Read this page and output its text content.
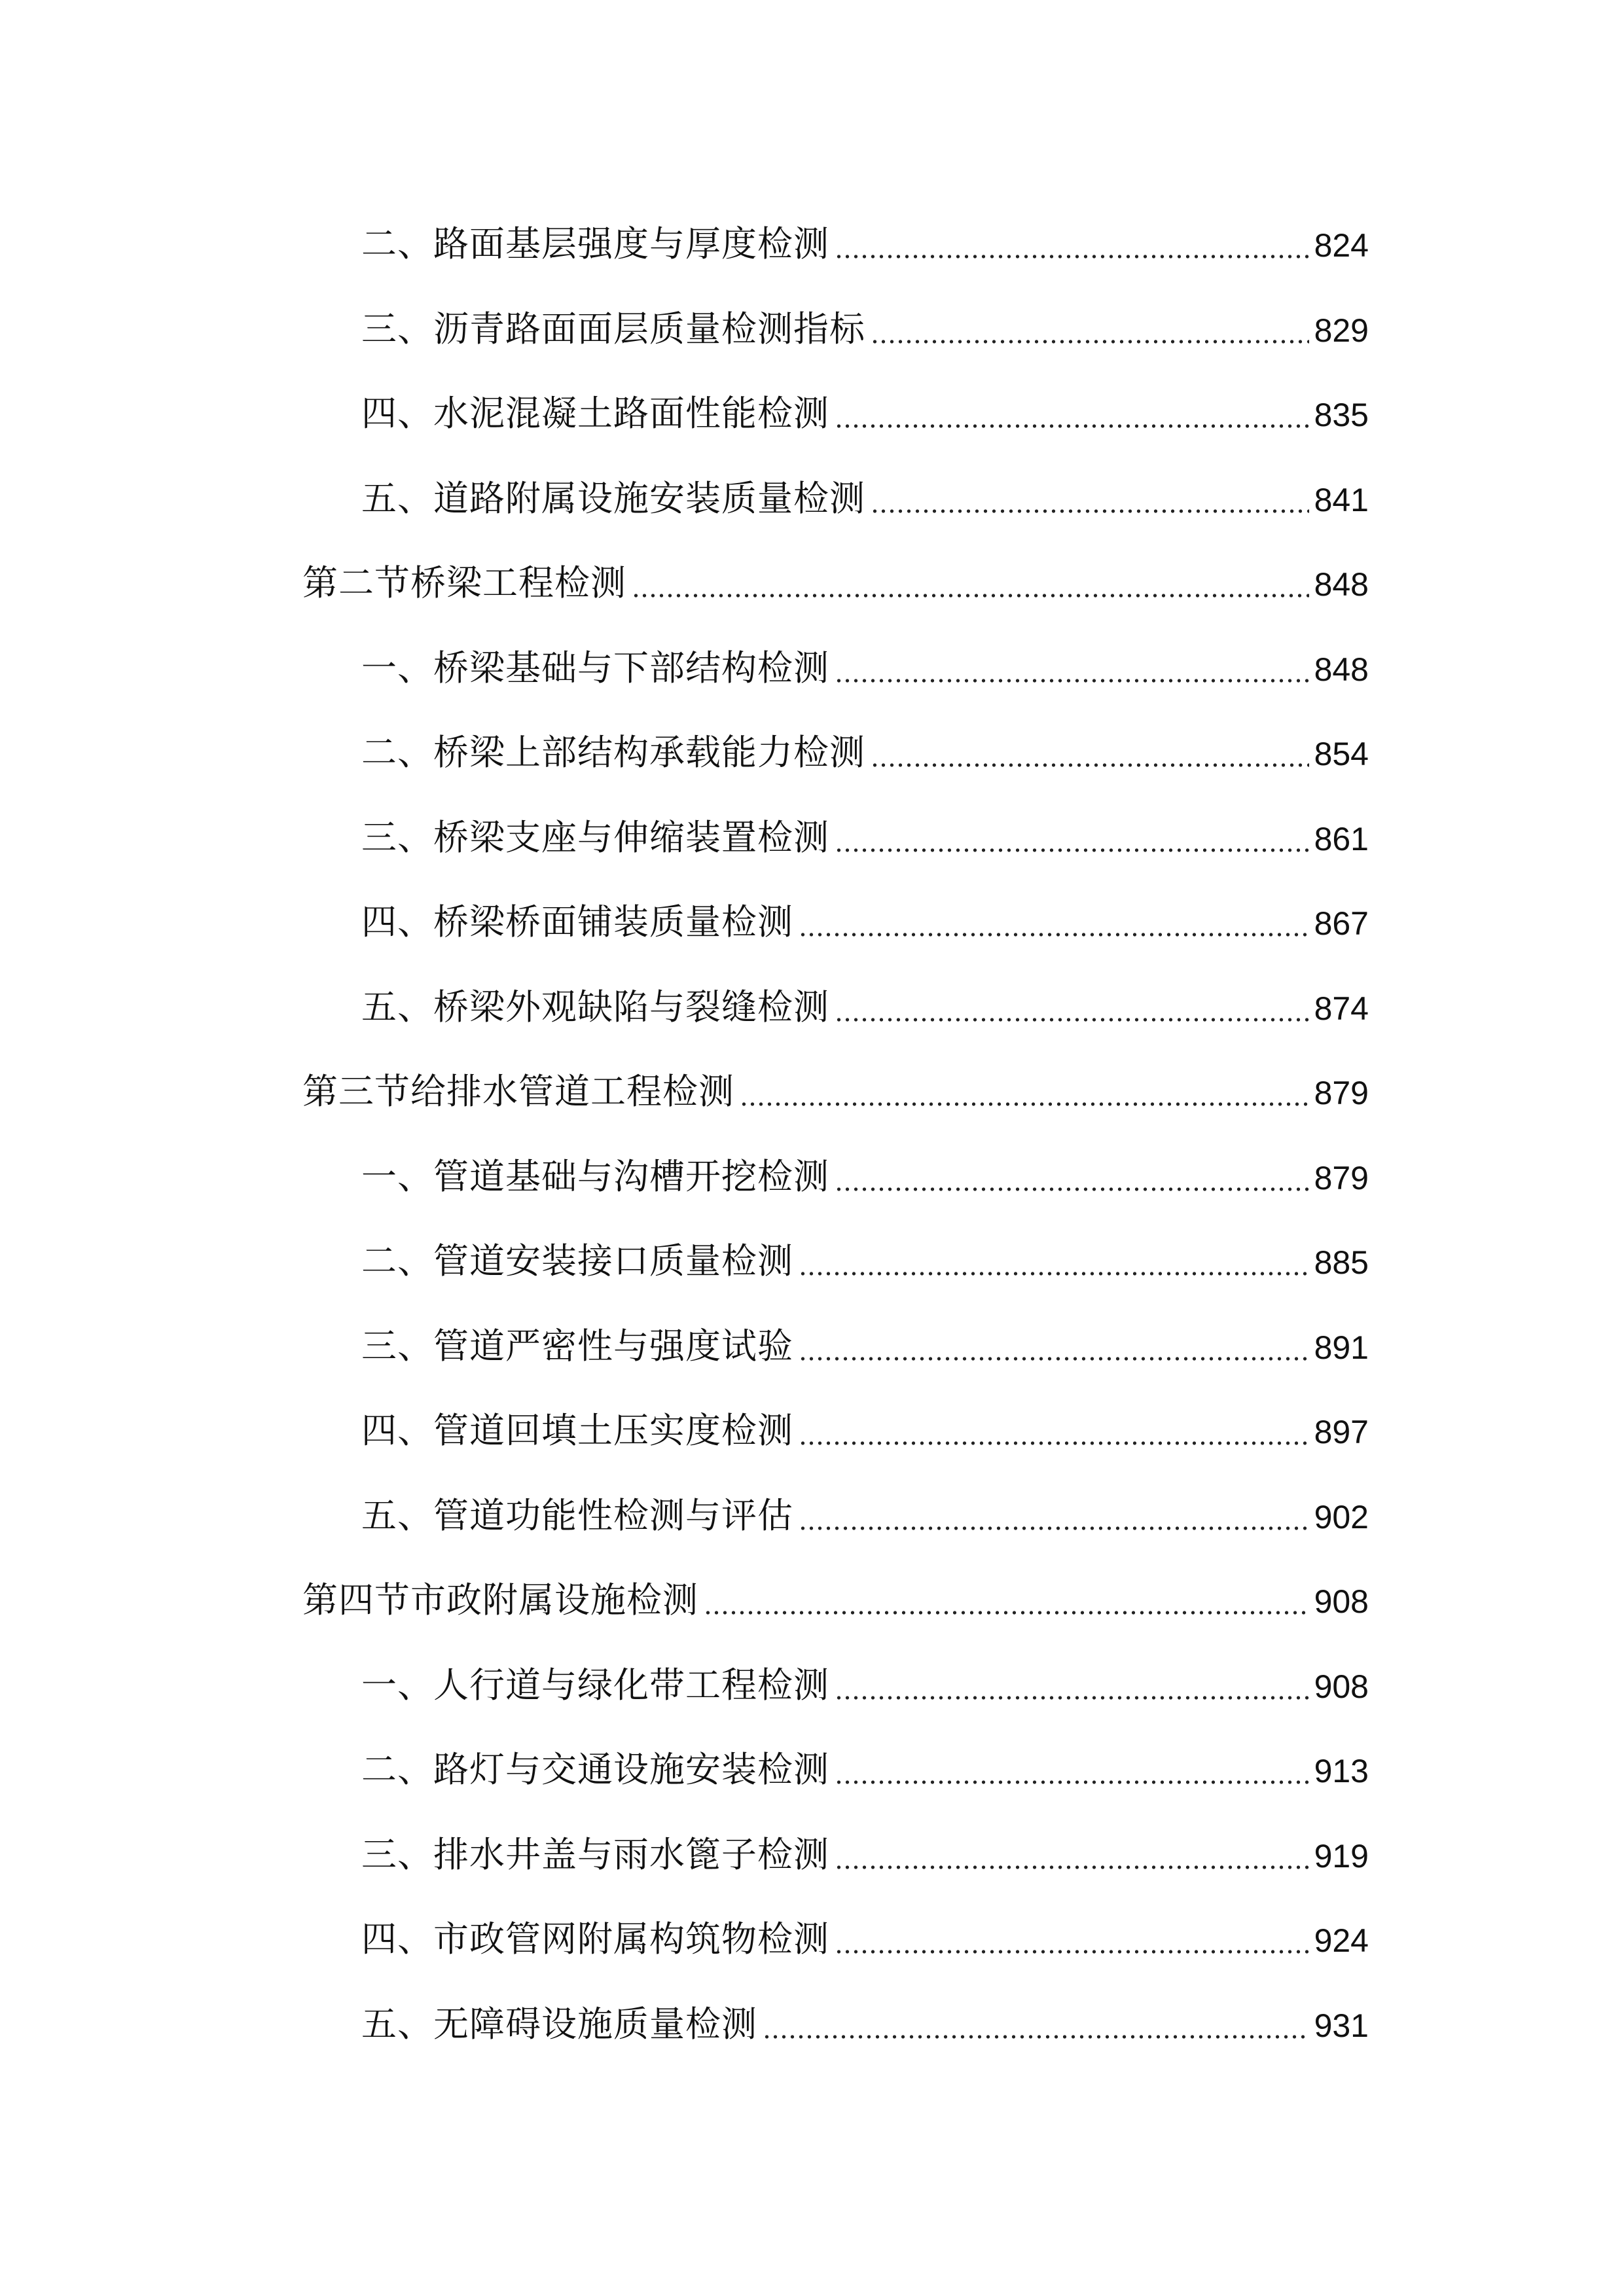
二、路面基层强度与厚度检测	824
三、沥青路面面层质量检测指标	829
四、水泥混凝土路面性能检测	835
五、道路附属设施安装质量检测	841
第二节桥梁工程检测	848
一、桥梁基础与下部结构检测	848
二、桥梁上部结构承载能力检测	854
三、桥梁支座与伸缩装置检测	861
四、桥梁桥面铺装质量检测	867
五、桥梁外观缺陷与裂缝检测	874
第三节给排水管道工程检测	879
一、管道基础与沟槽开挖检测	879
二、管道安装接口质量检测	885
三、管道严密性与强度试验	891
四、管道回填土压实度检测	897
五、管道功能性检测与评估	902
第四节市政附属设施检测	908
一、人行道与绿化带工程检测	908
二、路灯与交通设施安装检测	913
三、排水井盖与雨水篦子检测	919
四、市政管网附属构筑物检测	924
五、无障碍设施质量检测	931
